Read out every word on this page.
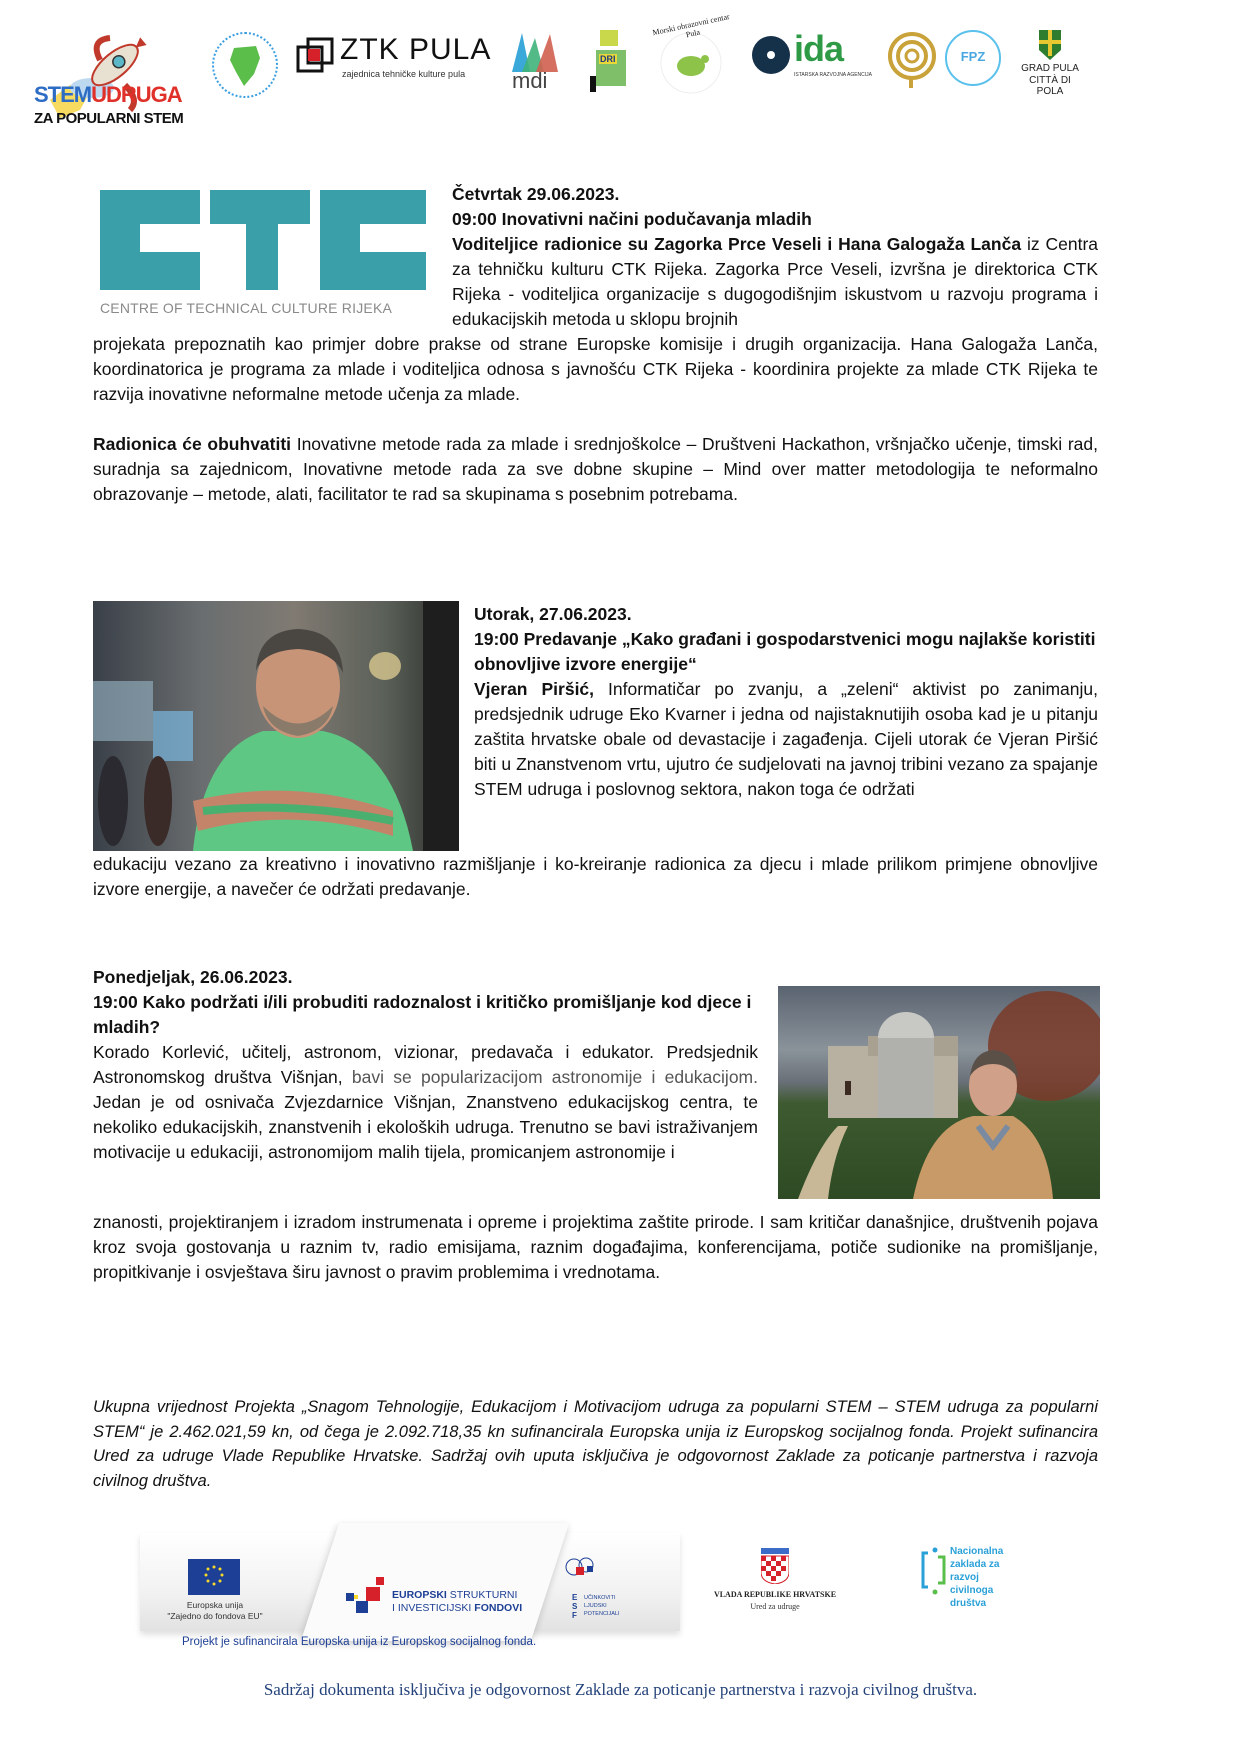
STEMUDRUGA
ZA POPULARNI STEM
ZTK PULA
zajednica tehničke kulture pula mdi
DRI
Morski obrazovni centar Pula	ida
ISTARSKA RAZVOJNA AGENCIJA
FPZ
GRAD PULA
CITTÀ DI POLA
CENTRE OF TECHNICAL CULTURE RIJEKA

Četvrtak 29.06.2023.

09:00 Inovativni načini podučavanja mladih

Voditeljice radionice su Zagorka Prce Veseli i Hana Galogaža Lanča iz Centra za tehničku kulturu CTK Rijeka. Zagorka Prce Veseli, izvršna je direktorica CTK Rijeka - voditeljica organizacije s dugogodišnjim iskustvom u razvoju programa i edukacijskih metoda u sklopu brojnih

projekata prepoznatih kao primjer dobre prakse od strane Europske komisije i drugih organizacija. Hana Galogaža Lanča, koordinatorica je programa za mlade i voditeljica odnosa s javnošću CTK Rijeka - koordinira projekte za mlade CTK Rijeka te razvija inovativne neformalne metode učenja za mlade.
Radionica će obuhvatiti Inovativne metode rada za mlade i srednjoškolce – Društveni Hackathon, vršnjačko učenje, timski rad, suradnja sa zajednicom, Inovativne metode rada za sve dobne skupine – Mind over matter metodologija te neformalno obrazovanje – metode, alati, facilitator te rad sa skupinama s posebnim potrebama.

Utorak, 27.06.2023.

19:00 Predavanje „Kako građani i gospodarstvenici mogu najlakše koristiti obnovljive izvore energije“

Vjeran Piršić, Informatičar po zvanju, a „zeleni“ aktivist po zanimanju, predsjednik udruge Eko Kvarner i jedna od najistaknutijih osoba kad je u pitanju zaštita hrvatske obale od devastacije i zagađenja. Cijeli utorak će Vjeran Piršić biti u Znanstvenom vrtu, ujutro će sudjelovati na javnoj tribini vezano za spajanje STEM udruga i poslovnog sektora, nakon toga će održati

edukaciju vezano za kreativno i inovativno razmišljanje i ko-kreiranje radionica za djecu i mlade prilikom primjene obnovljive izvore energije, a navečer će održati predavanje.

Ponedjeljak, 26.06.2023.

19:00 Kako podržati i/ili probuditi radoznalost i kritičko promišljanje kod djece i mladih?

Korado Korlević, učitelj, astronom, vizionar, predavača i edukator. Predsjednik Astronomskog društva Višnjan, bavi se popularizacijom astronomije i edukacijom. Jedan je od osnivača Zvjezdarnice Višnjan, Znanstveno edukacijskog centra, te nekoliko edukacijskih, znanstvenih i ekoloških udruga. Trenutno se bavi istraživanjem motivacije u edukaciji, astronomijom malih tijela, promicanjem astronomije i

znanosti, projektiranjem i izradom instrumenata i opreme i projektima zaštite prirode. I sam kritičar današnjice, društvenih pojava kroz svoja gostovanja u raznim tv, radio emisijama, raznim događajima, konferencijama, potiče sudionike na promišljanje, propitkivanje i osvještava širu javnost o pravim problemima i vrednotama.
Ukupna vrijednost Projekta „Snagom Tehnologije, Edukacijom i Motivacijom udruga za popularni STEM – STEM udruga za popularni STEM“ je 2.462.021,59 kn, od čega je 2.092.718,35 kn sufinancirala Europska unija iz Europskog socijalnog fonda. Projekt sufinancira Ured za udruge Vlade Republike Hrvatske. Sadržaj ovih uputa isključiva je odgovornost Zaklade za poticanje partnerstva i razvoja civilnog društva.
Europska unija
"Zajedno do fondova EU"
EUROPSKI STRUKTURNI
I INVESTICIJSKI FONDOVI
ESF
UČINKOVITI
LJUDSKI
POTENCIJALI
Projekt je sufinancirala Europska unija iz Europskog socijalnog fonda.
VLADA REPUBLIKE HRVATSKE
Ured za udruge
Nacionalna
zaklada za
razvoj
civilnoga
društva
Sadržaj dokumenta isključiva je odgovornost Zaklade za poticanje partnerstva i razvoja civilnog društva.
